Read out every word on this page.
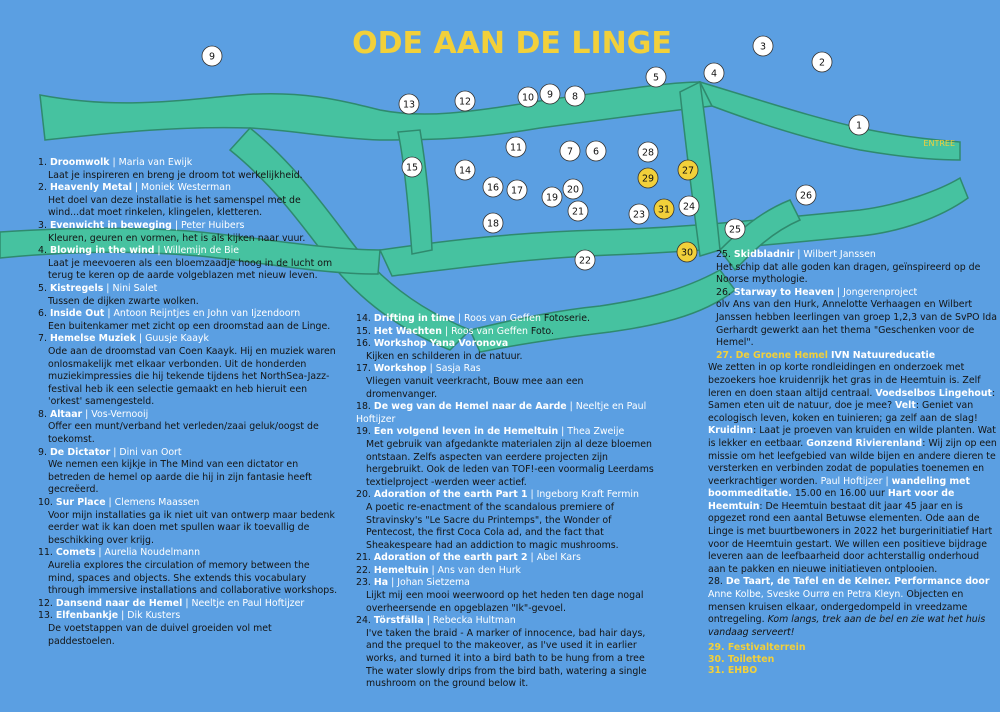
ODE AAN DE LINGE
ENTREE
1
2
3
4
5
6
7
8
9
10
11
12
13
14
15
16 17
18
19
20
21
22
23
24
25
26
27
28
29
30
31
9
1. Droomwolk | Maria van Ewijk
Laat je inspireren en breng je droom tot werkelijkheid.
2. Heavenly Metal | Moniek Westerman
Het doel van deze installatie is het samenspel met de wind...dat moet rinkelen, klingelen, kletteren.
3. Evenwicht in beweging | Peter Huibers
Kleuren, geuren en vormen, het is als kijken naar vuur.
4. Blowing in the wind | Willemijn de Bie
Laat je meevoeren als een bloemzaadje hoog in de lucht om terug te keren op de aarde volgeblazen met nieuw leven.
5. Kistregels | Nini Salet
Tussen de dijken zwarte wolken.
6. Inside Out | Antoon Reijntjes en John van Ijzendoorn
Een buitenkamer met zicht op een droomstad aan de Linge.
7. Hemelse Muziek | Guusje Kaayk
Ode aan de droomstad van Coen Kaayk. Hij en muziek waren onlosmakelijk met elkaar verbonden. Uit de honderden muziekimpressies die hij tekende tijdens het NorthSea-Jazz-festival heb ik een selectie gemaakt en heb hieruit een 'orkest' samengesteld.
8. Altaar | Vos-Vernooij
Offer een munt/verband het verleden/zaai geluk/oogst de toekomst.
9. De Dictator | Dini van Oort
We nemen een kijkje in The Mind van een dictator en betreden de hemel op aarde die hij in zijn fantasie heeft gecreëerd.
10. Sur Place | Clemens Maassen
Voor mijn installaties ga ik niet uit van ontwerp maar bedenk eerder wat ik kan doen met spullen waar ik toevallig de beschikking over krijg.
11. Comets | Aurelia Noudelmann
Aurelia explores the circulation of memory between the mind, spaces and objects. She extends this vocabulary through immersive installations and collaborative workshops.
12. Dansend naar de Hemel | Neeltje en Paul Hoftijzer
13. Elfenbankje | Dik Kusters
De voetstappen van de duivel groeiden vol met paddestoelen.
14. Drifting in time | Roos van Geffen Fotoserie.
15. Het Wachten | Roos van Geffen Foto.
16. Workshop Yana Voronova
Kijken en schilderen in de natuur.
17. Workshop | Sasja Ras
Vliegen vanuit veerkracht, Bouw mee aan een dromenvanger.
18. De weg van de Hemel naar de Aarde | Neeltje en Paul Hoftijzer
19. Een volgend leven in de Hemeltuin | Thea Zweije
Met gebruik van afgedankte materialen zijn al deze bloemen ontstaan. Zelfs aspecten van eerdere projecten zijn hergebruikt. Ook de leden van TOF!-een voormalig Leerdams textielproject -werden weer actief.
20. Adoration of the earth Part 1 | Ingeborg Kraft Fermin
A poetic re-enactment of the scandalous premiere of Stravinsky's "Le Sacre du Printemps", the Wonder of Pentecost, the first Coca Cola ad, and the fact that Sheakespeare had an addiction to magic mushrooms.
21. Adoration of the earth part 2 | Abel Kars
22. Hemeltuin | Ans van den Hurk
23. Ha | Johan Sietzema
Lijkt mij een mooi weerwoord op het heden ten dage nogal overheersende en opgeblazen "Ik"-gevoel.
24. Törstfälla | Rebecka Hultman
I've taken the braid - A marker of innocence, bad hair days, and the prequel to the makeover, as I've used it in earlier works, and turned it into a bird bath to be hung from a tree The water slowly drips from the bird bath, watering a single mushroom on the ground below it.
25. Skidbladnir | Wilbert Janssen
Het schip dat alle goden kan dragen, geïnspireerd op de Noorse mythologie.
26. Starway to Heaven | Jongerenproject
olv Ans van den Hurk, Annelotte Verhaagen en Wilbert Janssen hebben leerlingen van groep 1,2,3 van de SvPO Ida Gerhardt gewerkt aan het thema "Geschenken voor de Hemel".
27. De Groene Hemel IVN Natuureducatie
We zetten in op korte rondleidingen en onderzoek met bezoekers hoe kruidenrijk het gras in de Heemtuin is. Zelf leren en doen staan altijd centraal. Voedselbos Lingehout: Samen eten uit de natuur, doe je mee? Velt: Geniet van ecologisch leven, koken en tuinieren; ga zelf aan de slag! Kruidinn: Laat je proeven van kruiden en wilde planten. Wat is lekker en eetbaar. Gonzend Rivierenland: Wij zijn op een missie om het leefgebied van wilde bijen en andere dieren te versterken en verbinden zodat de populaties toenemen en veerkrachtiger worden. Paul Hoftijzer | wandeling met boommeditatie. 15.00 en 16.00 uur Hart voor de Heemtuin: De Heemtuin bestaat dit jaar 45 jaar en is opgezet rond een aantal Betuwse elementen. Ode aan de Linge is met buurtbewoners in 2022 het burgerinitiatief Hart voor de Heemtuin gestart. We willen een positieve bijdrage leveren aan de leefbaarheid door achterstallig onderhoud aan te pakken en nieuwe initiatieven ontplooien.
28. De Taart, de Tafel en de Kelner. Performance door Anne Kolbe, Sveske Ourrø en Petra Kleyn. Objecten en mensen kruisen elkaar, ondergedompeld in vreedzame ontregeling. Kom langs, trek aan de bel en zie wat het huis vandaag serveert!
29. Festivalterrein
30. Toiletten
31. EHBO
